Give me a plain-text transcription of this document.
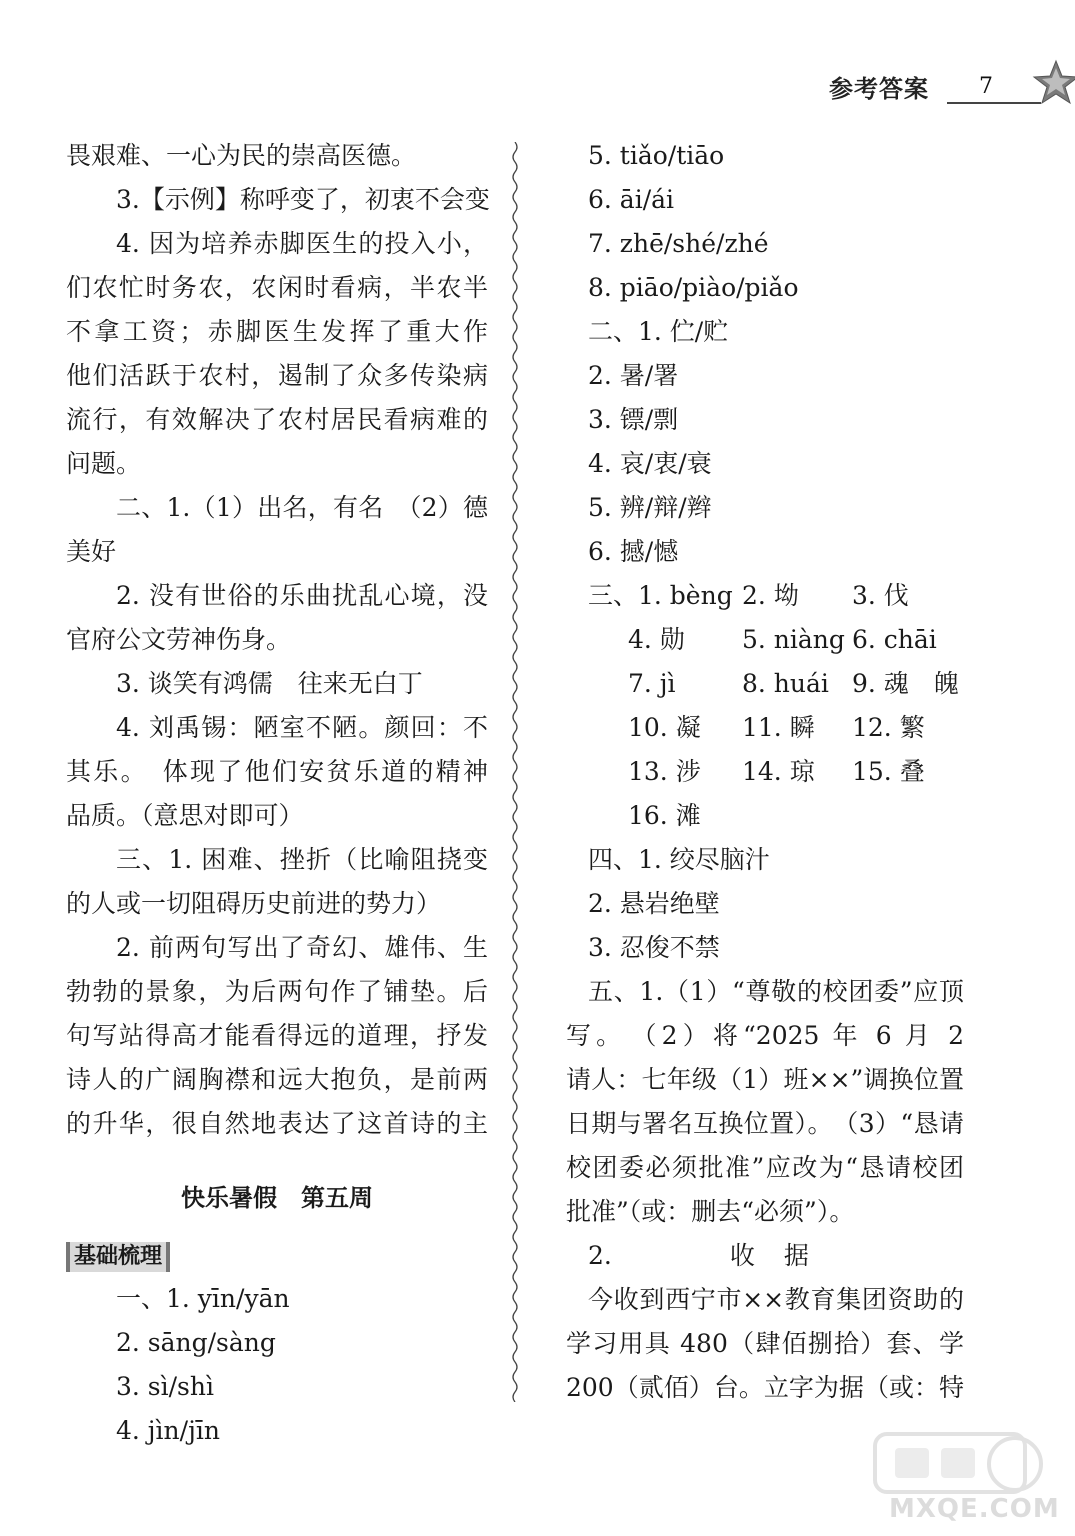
参考答案 7
畏艰难、一心为民的崇高医德。
3.【示例】称呼变了，初衷不会变
4. 因为培养赤脚医生的投入小，
们农忙时务农，农闲时看病，半农半
不拿工资；赤脚医生发挥了重大作
他们活跃于农村，遏制了众多传染病
流行，有效解决了农村居民看病难的
问题。
二、1.（1）出名，有名　（2）德
美好
2. 没有世俗的乐曲扰乱心境，没
官府公文劳神伤身。
3. 谈笑有鸿儒　往来无白丁
4. 刘禹锡：陋室不陋。颜回：不
其乐。　体现了他们安贫乐道的精神
品质。（意思对即可）
三、1. 困难、挫折（比喻阻挠变
的人或一切阻碍历史前进的势力）
2. 前两句写出了奇幻、雄伟、生
勃勃的景象，为后两句作了铺垫。后
句写站得高才能看得远的道理，抒发
诗人的广阔胸襟和远大抱负，是前两
的升华，很自然地表达了这首诗的主
快乐暑假　第五周
基础梳理
一、1. yīn/yān
2. sāng/sàng
3. sì/shì
4. jìn/jīn
5. tiǎo/tiāo
6. āi/ái
7. zhē/shé/zhé
8. piāo/piào/piǎo
二、1. 伫/贮
2. 暑/署
3. 镖/剽
4. 哀/衷/衰
5. 辨/辩/辫
6. 撼/憾
三、1. bèng 2. 坳	3. 伐
4. 勋	5. niàng 6. chāi
7. jì	8. huái 9. 魂　魄
10. 凝	11. 瞬	12. 繁
13. 涉	14. 琼	15. 叠
16. 滩
四、1. 绞尽脑汁
2. 悬岩绝壁
3. 忍俊不禁
五、1.（1）“尊敬的校团委”应顶
写。　（2）将“2025 年 6 月 2
请人：七年级（1）班××”调换位置
日期与署名互换位置）。　（3）“恳请
校团委必须批准”应改为“恳请校团
批准”（或：删去“必须”）。
2.	收　据
今收到西宁市××教育集团资助的
学习用具 480（肆佰捌拾）套、学
200（贰佰）台。立字为据（或：特
MXQE.COM
